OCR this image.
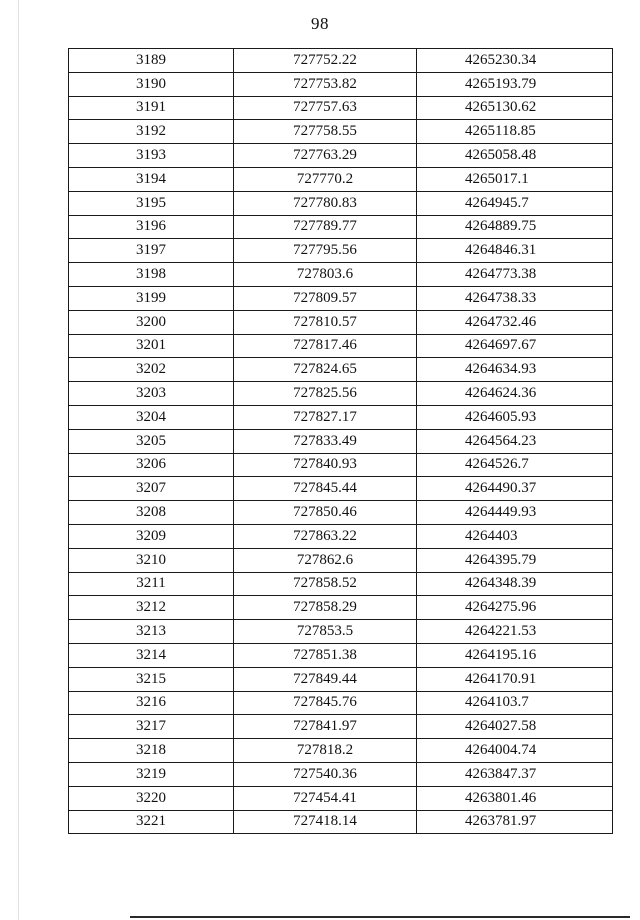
98
3189	727752.22	4265230.34
3190	727753.82	4265193.79
3191	727757.63	4265130.62
3192	727758.55	4265118.85
3193	727763.29	4265058.48
3194	727770.2	4265017.1
3195	727780.83	4264945.7
3196	727789.77	4264889.75
3197	727795.56	4264846.31
3198	727803.6	4264773.38
3199	727809.57	4264738.33
3200	727810.57	4264732.46
3201	727817.46	4264697.67
3202	727824.65	4264634.93
3203	727825.56	4264624.36
3204	727827.17	4264605.93
3205	727833.49	4264564.23
3206	727840.93	4264526.7
3207	727845.44	4264490.37
3208	727850.46	4264449.93
3209	727863.22	4264403
3210	727862.6	4264395.79
3211	727858.52	4264348.39
3212	727858.29	4264275.96
3213	727853.5	4264221.53
3214	727851.38	4264195.16
3215	727849.44	4264170.91
3216	727845.76	4264103.7
3217	727841.97	4264027.58
3218	727818.2	4264004.74
3219	727540.36	4263847.37
3220	727454.41	4263801.46
3221	727418.14	4263781.97
